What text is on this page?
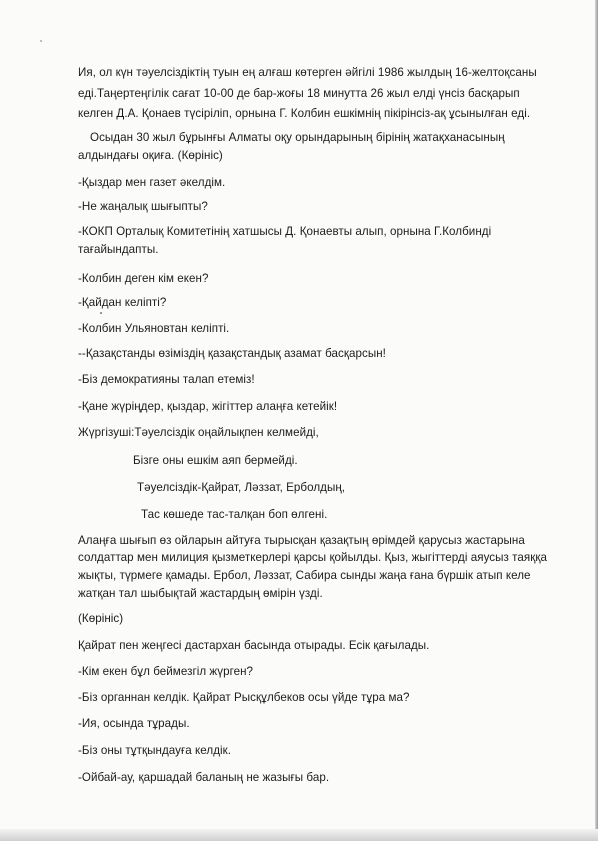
Ия, ол күн тәуелсіздіктің туын ең алғаш көтерген әйгілі 1986 жылдың 16-желтоқсаны
еді.Таңертеңгілік сағат 10-00 де бар-жоғы 18 минутта 26 жыл елді үнсіз басқарып
келген Д.А. Қонаев түсіріліп, орнына Г. Колбин ешкімнің пікірінсіз-ақ ұсынылған еді.
Осыдан 30 жыл бұрынғы Алматы оқу орындарының бірінің жатақханасының
алдындағы оқиға. (Көрініс)
-Қыздар мен газет әкелдім.
-Не жаңалық шығыпты?
-КОКП Орталық Комитетінің хатшысы Д. Қонаевты алып, орнына Г.Колбинді
тағайындапты.
-Колбин деген кім екен?
-Қайдан келіпті?
-Колбин Ульяновтан келіпті.
--Қазақстанды өзіміздің қазақстандық азамат басқарсын!
-Біз демократияны талап етеміз!
-Қане жүріңдер, қыздар, жігіттер алаңға кетейік!
Жүргізуші:Тәуелсіздік оңайлықпен келмейді,
Бізге оны ешкім аяп бермейді.
Тәуелсіздік-Қайрат, Ләззат, Ерболдың,
Тас көшеде тас-талқан боп өлгені.
Алаңға шығып өз ойларын айтуға тырысқан қазақтың өрімдей қарусыз жастарына
солдаттар мен милиция қызметкерлері қарсы қойылды. Қыз, жыгіттерді аяусыз таяққа
жықты, түрмеге қамады. Ербол, Ләззат, Сабира сынды жаңа ғана бүршік атып келе
жатқан тал шыбықтай жастардың өмірін үзді.
(Көрініс)
Қайрат пен жеңгесі дастархан басында отырады. Есік қағылады.
-Кім екен бұл беймезгіл жүрген?
-Біз органнан келдік. Қайрат Рысқұлбеков осы үйде тұра ма?
-Ия, осында тұрады.
-Біз оны тұтқындауға келдік.
-Ойбай-ау, қаршадай баланың не жазығы бар.
